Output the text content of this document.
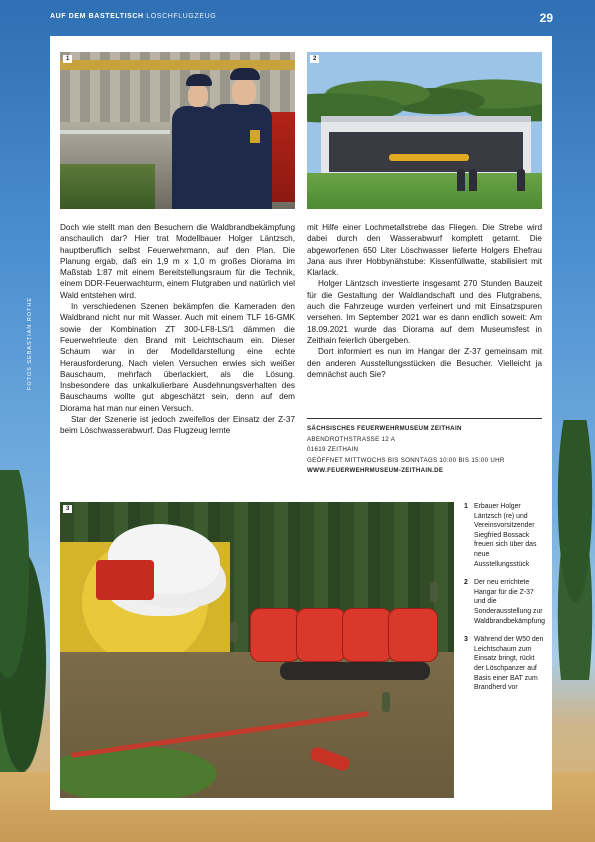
AUF DEM BASTELTISCH LÖSCHFLUGZEUG	29
FOTOS SEBASTIAN ROTHE
1	2

Doch wie stellt man den Besuchern die Waldbrandbekämpfung anschaulich dar? Hier trat Modellbauer Holger Läntzsch, hauptberuflich selbst Feuerwehrmann, auf den Plan. Die Planung ergab, daß ein 1,9 m x 1,0 m großes Diorama im Maßstab 1:87 mit einem Bereitstellungsraum für die Technik, einem DDR-Feuerwachturm, einem Flutgraben und natürlich viel Wald entstehen wird.

In verschiedenen Szenen bekämpfen die Kameraden den Waldbrand nicht nur mit Wasser. Auch mit einem TLF 16-GMK sowie der Kombination ZT 300-LF8-LS/1 dämmen die Feuerwehrleute den Brand mit Leichtschaum ein. Dieser Schaum war in der Modelldarstellung eine echte Herausforderung. Nach vielen Versuchen erwies sich weißer Bauschaum, mehrfach überlackiert, als die Lösung. Insbesondere das unkalkulierbare Ausdehnungsverhalten des Bauschaums wollte gut abgeschätzt sein, denn auf dem Diorama hat man nur einen Versuch.

Star der Szenerie ist jedoch zweifellos der Einsatz der Z-37 beim Löschwasserabwurf. Das Flugzeug lernte

mit Hilfe einer Lochmetallstrebe das Fliegen. Die Strebe wird dabei durch den Wasserabwurf komplett getarnt. Die abgeworfenen 650 Liter Löschwasser lieferte Holgers Ehefrau Jana aus ihrer Hobbynähstube: Kissenfüllwatte, stabilisiert mit Klarlack.

Holger Läntzsch investierte insgesamt 270 Stunden Bauzeit für die Gestaltung der Waldlandschaft und des Flutgrabens, auch die Fahrzeuge wurden verfeinert und mit Einsatzspuren versehen. Im September 2021 war es dann endlich soweit: Am 18.09.2021 wurde das Diorama auf dem Museumsfest in Zeithain feierlich übergeben.

Dort informiert es nun im Hangar der Z-37 gemeinsam mit den anderen Ausstellungsstücken die Besucher. Vielleicht ja demnächst auch Sie?

SÄCHSISCHES FEUERWEHRMUSEUM ZEITHAIN
ABENDROTHSTRASSE 12 A
01619 ZEITHAIN
GEÖFFNET MITTWOCHS BIS SONNTAGS 10:00 BIS 15:00 UHR
WWW.FEUERWEHRMUSEUM-ZEITHAIN.DE
3	1 Erbauer Holger Läntzsch (re) und Vereinsvorsitzender Siegfried Bossack freuen sich über das neue Ausstellungsstück
2 Der neu errichtete Hangar für die Z-37 und die Sonderausstellung zur Waldbrandbekämpfung
3 Während der W50 den Leichtschaum zum Einsatz bringt, rückt der Löschpanzer auf Basis einer BAT zum Brandherd vor
